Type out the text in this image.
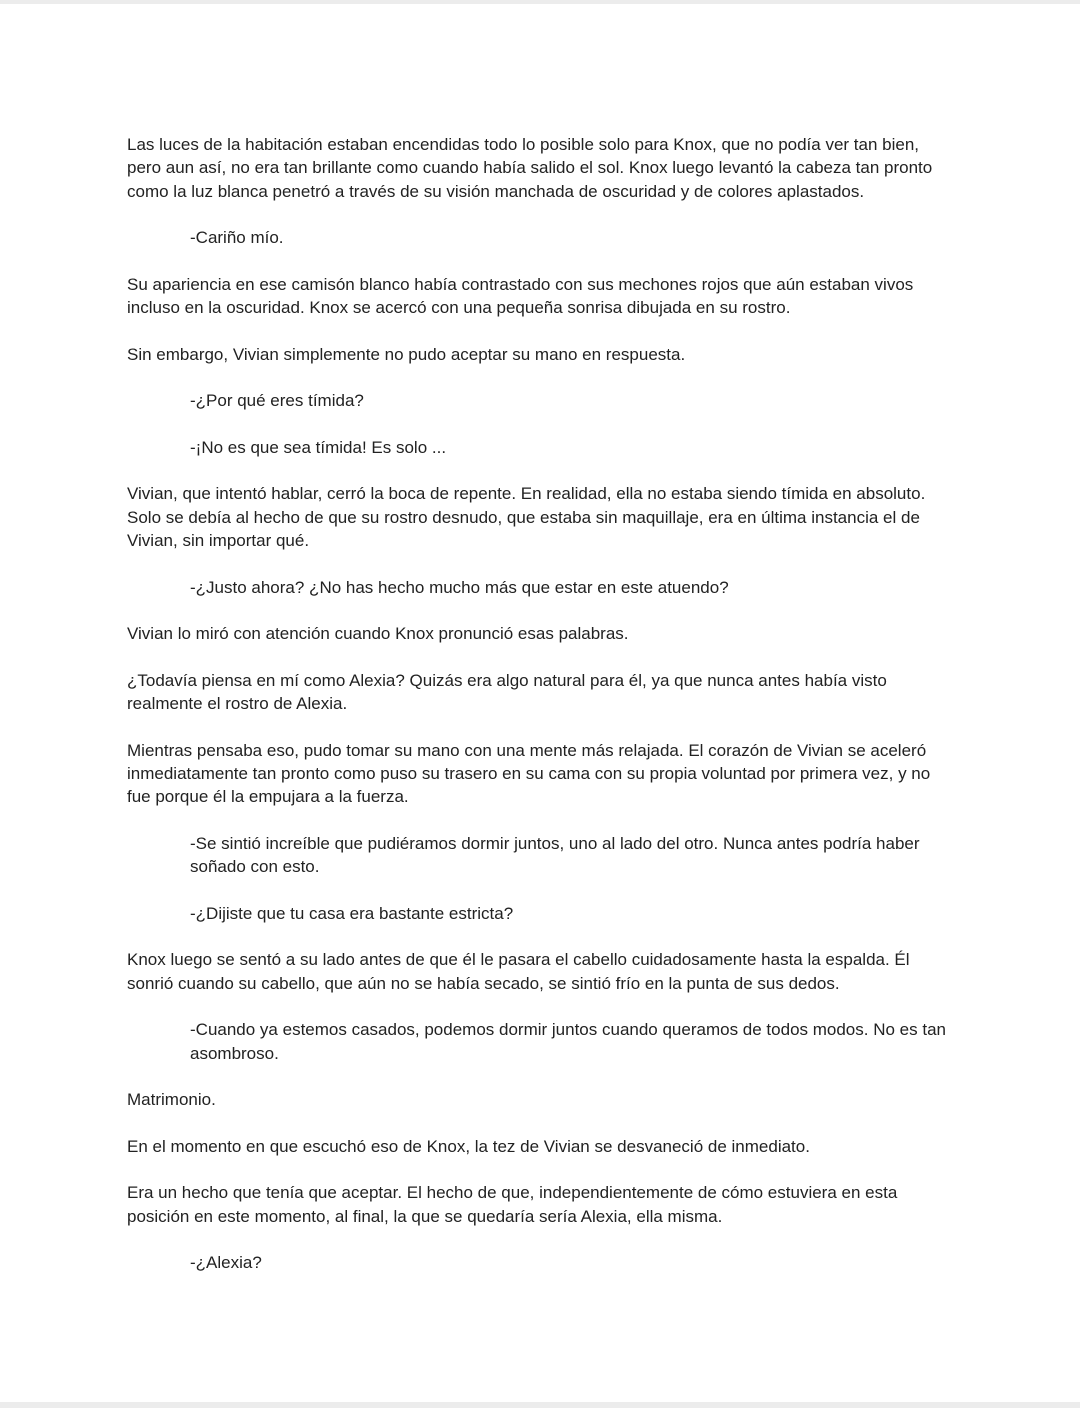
Las luces de la habitación estaban encendidas todo lo posible solo para Knox, que no podía ver tan bien, pero aun así, no era tan brillante como cuando había salido el sol. Knox luego levantó la cabeza tan pronto como la luz blanca penetró a través de su visión manchada de oscuridad y de colores aplastados.

-Cariño mío.

Su apariencia en ese camisón blanco había contrastado con sus mechones rojos que aún estaban vivos incluso en la oscuridad. Knox se acercó con una pequeña sonrisa dibujada en su rostro.

Sin embargo, Vivian simplemente no pudo aceptar su mano en respuesta.

-¿Por qué eres tímida?

-¡No es que sea tímida! Es solo ...

Vivian, que intentó hablar, cerró la boca de repente. En realidad, ella no estaba siendo tímida en absoluto. Solo se debía al hecho de que su rostro desnudo, que estaba sin maquillaje, era en última instancia el de Vivian, sin importar qué.

-¿Justo ahora? ¿No has hecho mucho más que estar en este atuendo?

Vivian lo miró con atención cuando Knox pronunció esas palabras.

¿Todavía piensa en mí como Alexia? Quizás era algo natural para él, ya que nunca antes había visto realmente el rostro de Alexia.

Mientras pensaba eso, pudo tomar su mano con una mente más relajada. El corazón de Vivian se aceleró inmediatamente tan pronto como puso su trasero en su cama con su propia voluntad por primera vez, y no fue porque él la empujara a la fuerza.

-Se sintió increíble que pudiéramos dormir juntos, uno al lado del otro. Nunca antes podría haber soñado con esto.

-¿Dijiste que tu casa era bastante estricta?

Knox luego se sentó a su lado antes de que él le pasara el cabello cuidadosamente hasta la espalda. Él sonrió cuando su cabello, que aún no se había secado, se sintió frío en la punta de sus dedos.

-Cuando ya estemos casados, podemos dormir juntos cuando queramos de todos modos. No es tan asombroso.

Matrimonio.

En el momento en que escuchó eso de Knox, la tez de Vivian se desvaneció de inmediato.

Era un hecho que tenía que aceptar. El hecho de que, independientemente de cómo estuviera en esta posición en este momento, al final, la que se quedaría sería Alexia, ella misma.

-¿Alexia?
